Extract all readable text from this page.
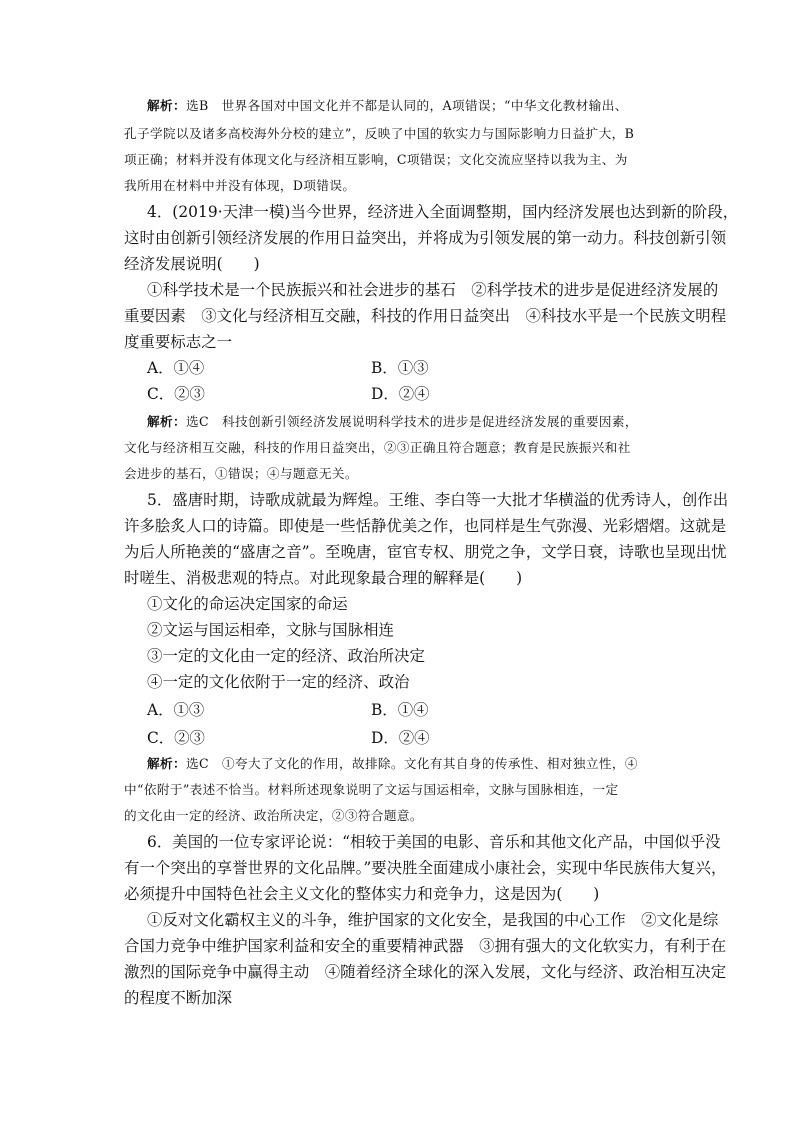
解析：选B　世界各国对中国文化并不都是认同的，A项错误；“中华文化教材输出、
孔子学院以及诸多高校海外分校的建立”，反映了中国的软实力与国际影响力日益扩大，B
项正确；材料并没有体现文化与经济相互影响，C项错误；文化交流应坚持以我为主、为
我所用在材料中并没有体现，D项错误。
4．(2019·天津一模)当今世界，经济进入全面调整期，国内经济发展也达到新的阶段，
这时由创新引领经济发展的作用日益突出，并将成为引领发展的第一动力。科技创新引领
经济发展说明(　　)
①科学技术是一个民族振兴和社会进步的基石　②科学技术的进步是促进经济发展的
重要因素　③文化与经济相互交融，科技的作用日益突出　④科技水平是一个民族文明程
度重要标志之一
A．①④	B．①③
C．②③	D．②④
解析：选C　科技创新引领经济发展说明科学技术的进步是促进经济发展的重要因素，
文化与经济相互交融，科技的作用日益突出，②③正确且符合题意；教育是民族振兴和社
会进步的基石，①错误；④与题意无关。
5．盛唐时期，诗歌成就最为辉煌。王维、李白等一大批才华横溢的优秀诗人，创作出
许多脍炙人口的诗篇。即使是一些恬静优美之作，也同样是生气弥漫、光彩熠熠。这就是
为后人所艳羡的“盛唐之音”。至晚唐，宦官专权、朋党之争，文学日衰，诗歌也呈现出忧
时嗟生、消极悲观的特点。对此现象最合理的解释是(　　)
①文化的命运决定国家的命运
②文运与国运相牵，文脉与国脉相连
③一定的文化由一定的经济、政治所决定
④一定的文化依附于一定的经济、政治
A．①③	B．①④
C．②③	D．②④
解析：选C　①夸大了文化的作用，故排除。文化有其自身的传承性、相对独立性，④
中“依附于”表述不恰当。材料所述现象说明了文运与国运相牵，文脉与国脉相连，一定
的文化由一定的经济、政治所决定，②③符合题意。
6．美国的一位专家评论说：“相较于美国的电影、音乐和其他文化产品，中国似乎没
有一个突出的享誉世界的文化品牌。”要决胜全面建成小康社会，实现中华民族伟大复兴，
必须提升中国特色社会主义文化的整体实力和竞争力，这是因为(　　)
①反对文化霸权主义的斗争，维护国家的文化安全，是我国的中心工作　②文化是综
合国力竞争中维护国家利益和安全的重要精神武器　③拥有强大的文化软实力，有利于在
激烈的国际竞争中赢得主动　④随着经济全球化的深入发展，文化与经济、政治相互决定
的程度不断加深
